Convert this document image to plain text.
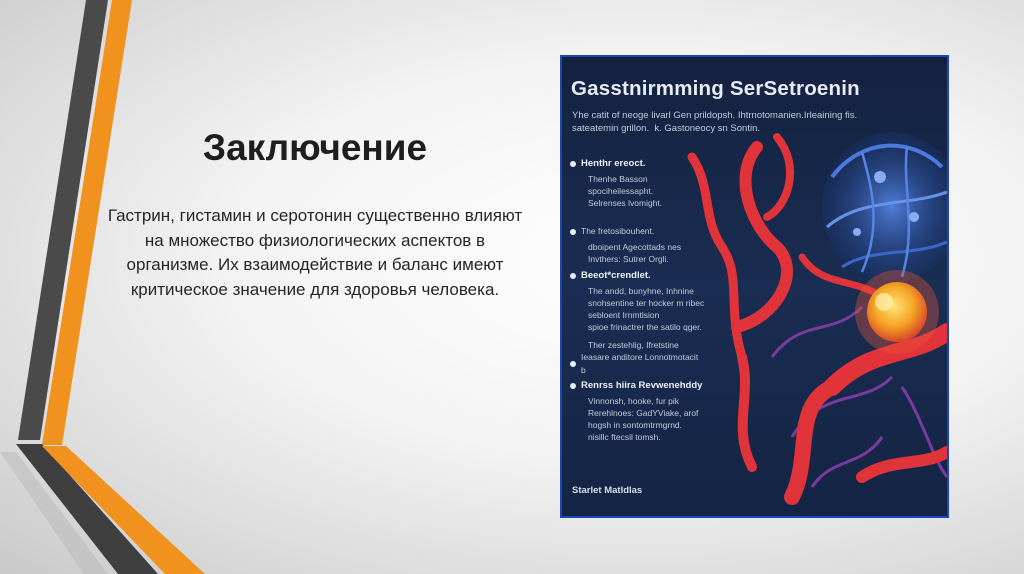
Заключение

Гастрин, гистамин и серотонин существенно влияют на множество физиологических аспектов в организме. Их взаимодействие и баланс имеют критическое значение для здоровья человека.

Gasstnirmming SerSetroenin
Yhe catit of neoge livarl Gen prildopsh. Ihtrnotomanien.Irleaining fis.
sateatemin grillon.  k. Gastoneocy sn Sontin.
Henthr ereoct.
Thenhe Basson
spociheilessapht.
Selrenses lvomight.
The fretosibouhent.
dboipent Agecottads nes
Invthers: Sutrer Orgli.
Beeot*crendlet.
The andd, bunyhne, Inhnine
snohsentine ter hocker m ribec
sebloent Irnmtlsion
spioe frinactrer the satilo qger.
Ther zestehlig, Ifretstine
Ieasare anditore Lonnotmotacit b
Renrss hiira Revwenehddy
Vinnonsh, hooke, fur pik
Rerehlnoes: GadYViake, arof
hogsh in sontomtrmgrnd.
nisillc ftecsil tomsh.
Starlet Matldlas
